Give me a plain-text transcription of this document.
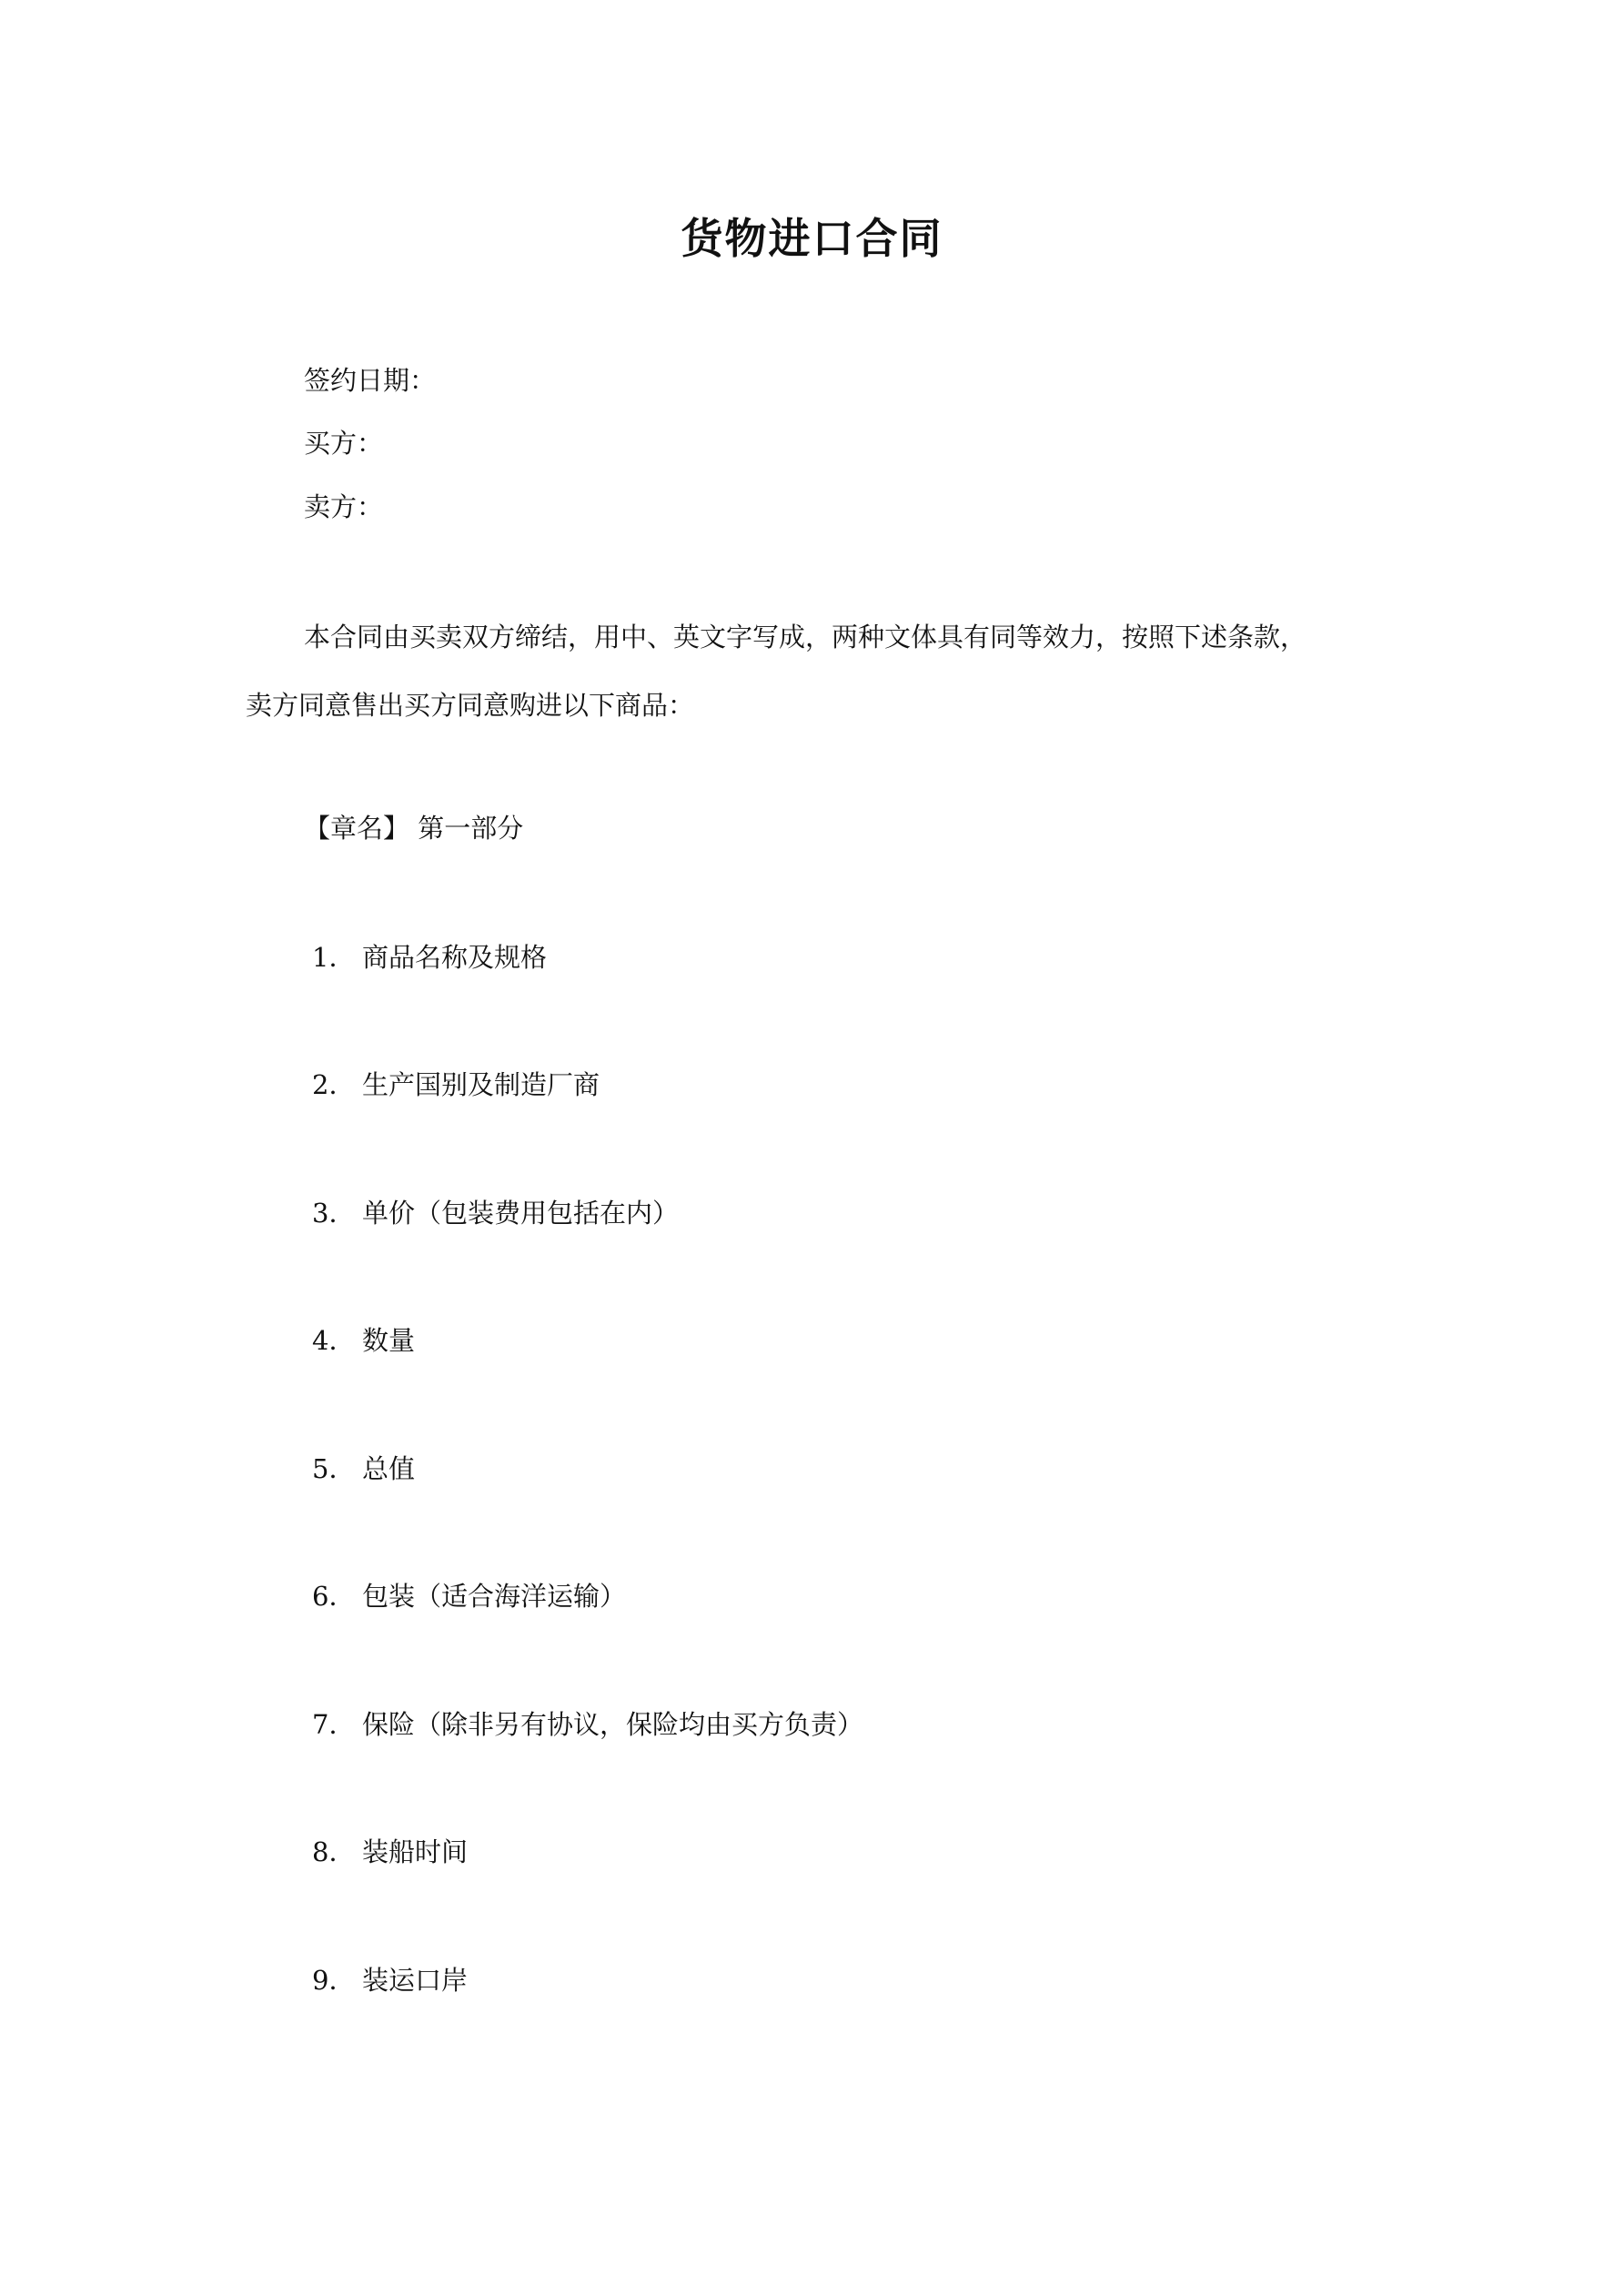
货物进口合同
签约日期：
买方：
卖方：
本合同由买卖双方缔结，用中、英文字写成，两种文体具有同等效力，按照下述条款，
卖方同意售出买方同意购进以下商品：
【章名】 第一部分
1． 商品名称及规格
2． 生产国别及制造厂商
3． 单价（包装费用包括在内）
4． 数量
5． 总值
6． 包装（适合海洋运输）
7． 保险（除非另有协议，保险均由买方负责）
8． 装船时间
9． 装运口岸
